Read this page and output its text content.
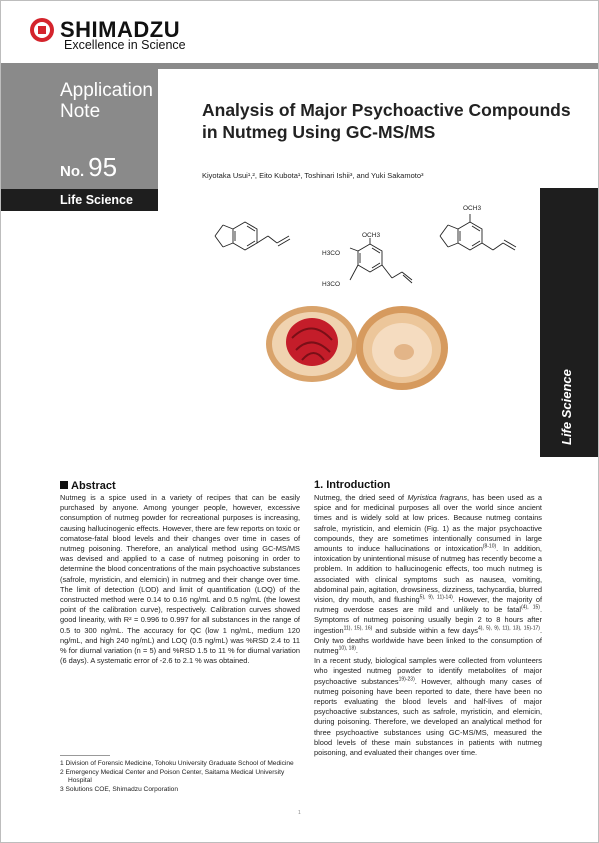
SHIMADZU
Excellence in Science
Application
Note
No. 95
Life Science
Analysis of Major Psychoactive Compounds
in Nutmeg Using GC-MS/MS
Kiyotaka Usui¹,², Eito Kubota¹, Toshinari Ishii³, and Yuki Sakamoto³
Life Science
OCH3
H3CO
H3CO
OCH3
Abstract
Nutmeg is a spice used in a variety of recipes that can be easily purchased by anyone. Among younger people, however, excessive consumption of nutmeg powder for recreational purposes is increasing, causing hallucinogenic effects. However, there are few reports on toxic or comatose-fatal blood levels and their changes over time in cases of nutmeg poisoning. Therefore, an analytical method using GC-MS/MS was devised and applied to a case of nutmeg poisoning in order to determine the blood concentrations of the main psychoactive substances (safrole, myristicin, and elemicin) in nutmeg and their change over time. The limit of detection (LOD) and limit of quantification (LOQ) of the constructed method were 0.14 to 0.16 ng/mL and 0.5 ng/mL (the lowest point of the calibration curve), respectively. Calibration curves showed good linearity, with R² = 0.996 to 0.997 for all substances in the range of 0.5 to 300 ng/mL. The accuracy for QC (low 1 ng/mL, medium 120 ng/mL, and high 240 ng/mL) and LOQ (0.5 ng/mL) was %RSD 2.4 to 11 % for diurnal variation (n = 5) and %RSD 1.5 to 11 % for diurnal variation (6 days). A systematic error of -2.6 to 2.1 % was obtained.
1. Introduction

Nutmeg, the dried seed of Myristica fragrans, has been used as a spice and for medicinal purposes all over the world since ancient times and is widely sold at low prices. Because nutmeg contains safrole, myristicin, and elemicin (Fig. 1) as the major psychoactive compounds, they are sometimes intentionally consumed in large amounts to induce hallucinations or intoxication$^{(8-10)}$. In addition, intoxication by unintentional misuse of nutmeg has recently become a problem. In addition to hallucinogenic effects, too much nutmeg is associated with clinical symptoms such as nausea, vomiting, abdominal pain, agitation, drowsiness, dizziness, tachycardia, blurred vision, dry mouth, and flushing$^{5), 9), 11)-14)}$. However, the majority of nutmeg overdose cases are mild and unlikely to be fatal$^{(4), 15)}$. Symptoms of nutmeg poisoning usually begin 2 to 8 hours after ingestion$^{11), 15), 16)}$ and subside within a few days$^{4), 5), 9), 11), 13), 15)-17)}$. Only two deaths worldwide have been linked to the consumption of nutmeg$^{10), 18)}$.

In a recent study, biological samples were collected from volunteers who ingested nutmeg powder to identify metabolites of major psychoactive substances$^{19)-23)}$. However, although many cases of nutmeg poisoning have been reported to date, there have been no reports evaluating the blood levels and half-lives of major psychoactive substances, such as safrole, myristicin, and elemicin, during poisoning. Therefore, we developed an analytical method for three psychoactive substances using GC-MS/MS, measured the blood levels of these main substances in patients with nutmeg poisoning, and evaluated their changes over time.

1 Division of Forensic Medicine, Tohoku University Graduate School of Medicine
2 Emergency Medical Center and Poison Center, Saitama Medical University Hospital
3 Solutions COE, Shimadzu Corporation
1
